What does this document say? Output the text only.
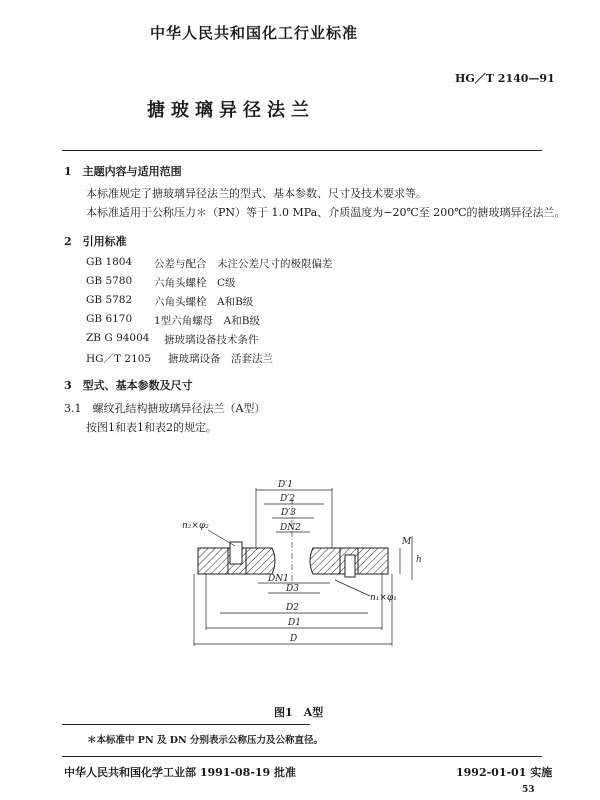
中华人民共和国化工行业标准
HG／T 2140—91
搪玻璃异径法兰
1　主题内容与适用范围
本标准规定了搪玻璃异径法兰的型式、基本参数、尺寸及技术要求等。
本标准适用于公称压力＊（PN）等于 1.0 MPa、介质温度为−20℃至 200℃的搪玻璃异径法兰。
2　引用标准
GB 1804 公差与配合　未注公差尺寸的极限偏差
GB 5780 六角头螺栓　C级
GB 5782 六角头螺栓　A和B级
GB 6170 1型六角螺母　A和B级
ZB G 94004 搪玻璃设备技术条件
HG／T 2105 搪玻璃设备　活套法兰
3　型式、基本参数及尺寸
3.1　螺纹孔结构搪玻璃异径法兰（A型）
按图1和表1和表2的规定。
D′1
D′2
D′3
DN2
DN1
D3
D2
D1
D
n₂×φ₂
n₁×φ₁
h
M
图1　A型
＊本标准中 PN 及 DN 分别表示公称压力及公称直径。
中华人民共和国化学工业部 1991-08-19 批准	1992-01-01 实施
53
